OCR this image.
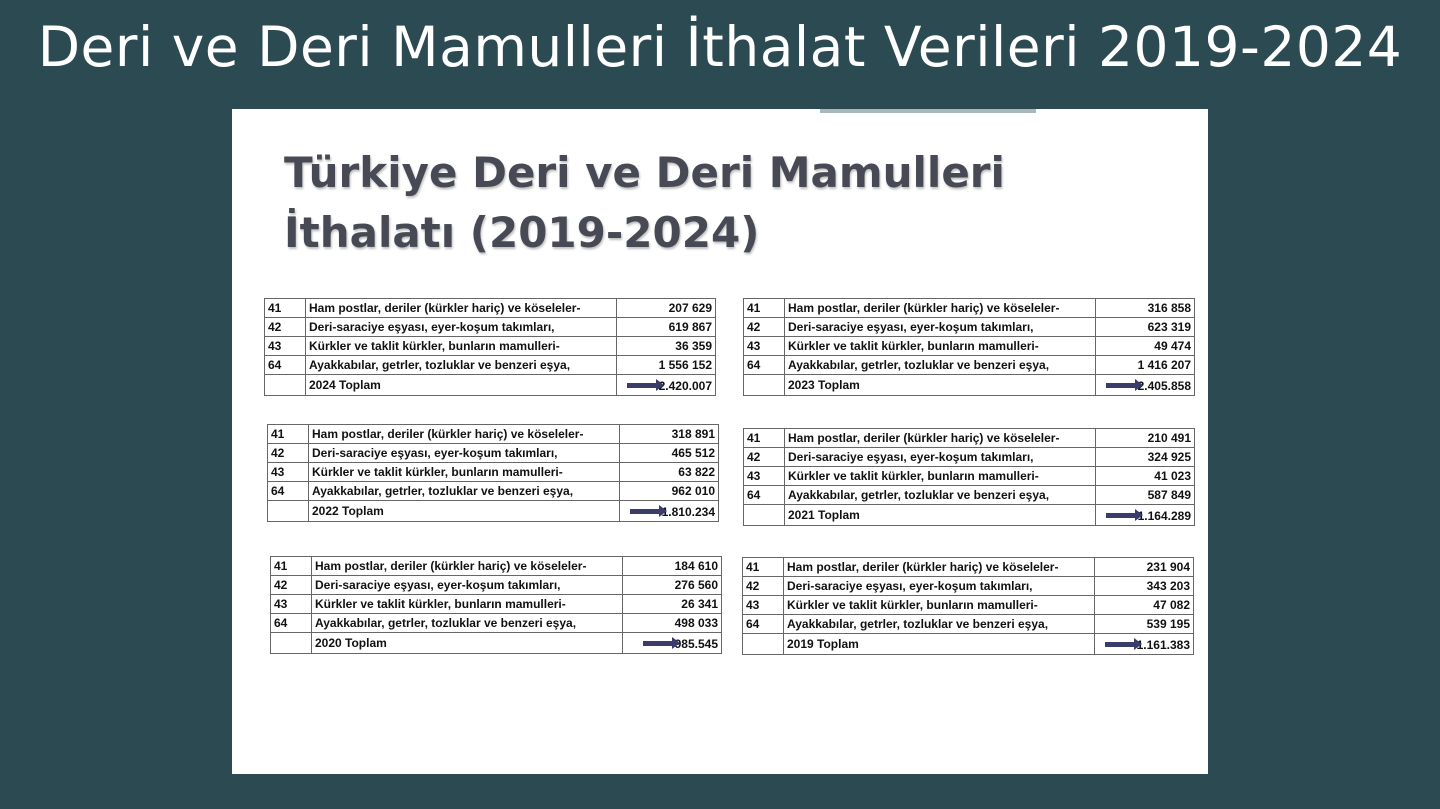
Deri ve Deri Mamulleri İthalat Verileri 2019-2024
Türkiye Deri ve Deri Mamulleri İthalatı (2019-2024)
41	Ham postlar, deriler (kürkler hariç) ve köseleler-	207 629
42	Deri-saraciye eşyası, eyer-koşum takımları,	619 867
43	Kürkler ve taklit kürkler, bunların mamulleri-	36 359
64	Ayakkabılar, getrler, tozluklar ve benzeri eşya,	1 556 152
	2024 Toplam	2.420.007
41	Ham postlar, deriler (kürkler hariç) ve köseleler-	316 858
42	Deri-saraciye eşyası, eyer-koşum takımları,	623 319
43	Kürkler ve taklit kürkler, bunların mamulleri-	49 474
64	Ayakkabılar, getrler, tozluklar ve benzeri eşya,	1 416 207
	2023 Toplam	2.405.858
41	Ham postlar, deriler (kürkler hariç) ve köseleler-	318 891
42	Deri-saraciye eşyası, eyer-koşum takımları,	465 512
43	Kürkler ve taklit kürkler, bunların mamulleri-	63 822
64	Ayakkabılar, getrler, tozluklar ve benzeri eşya,	962 010
	2022 Toplam	1.810.234
41	Ham postlar, deriler (kürkler hariç) ve köseleler-	210 491
42	Deri-saraciye eşyası, eyer-koşum takımları,	324 925
43	Kürkler ve taklit kürkler, bunların mamulleri-	41 023
64	Ayakkabılar, getrler, tozluklar ve benzeri eşya,	587 849
	2021 Toplam	1.164.289
41	Ham postlar, deriler (kürkler hariç) ve köseleler-	184 610
42	Deri-saraciye eşyası, eyer-koşum takımları,	276 560
43	Kürkler ve taklit kürkler, bunların mamulleri-	26 341
64	Ayakkabılar, getrler, tozluklar ve benzeri eşya,	498 033
	2020 Toplam	985.545
41	Ham postlar, deriler (kürkler hariç) ve köseleler-	231 904
42	Deri-saraciye eşyası, eyer-koşum takımları,	343 203
43	Kürkler ve taklit kürkler, bunların mamulleri-	47 082
64	Ayakkabılar, getrler, tozluklar ve benzeri eşya,	539 195
	2019 Toplam	1.161.383
